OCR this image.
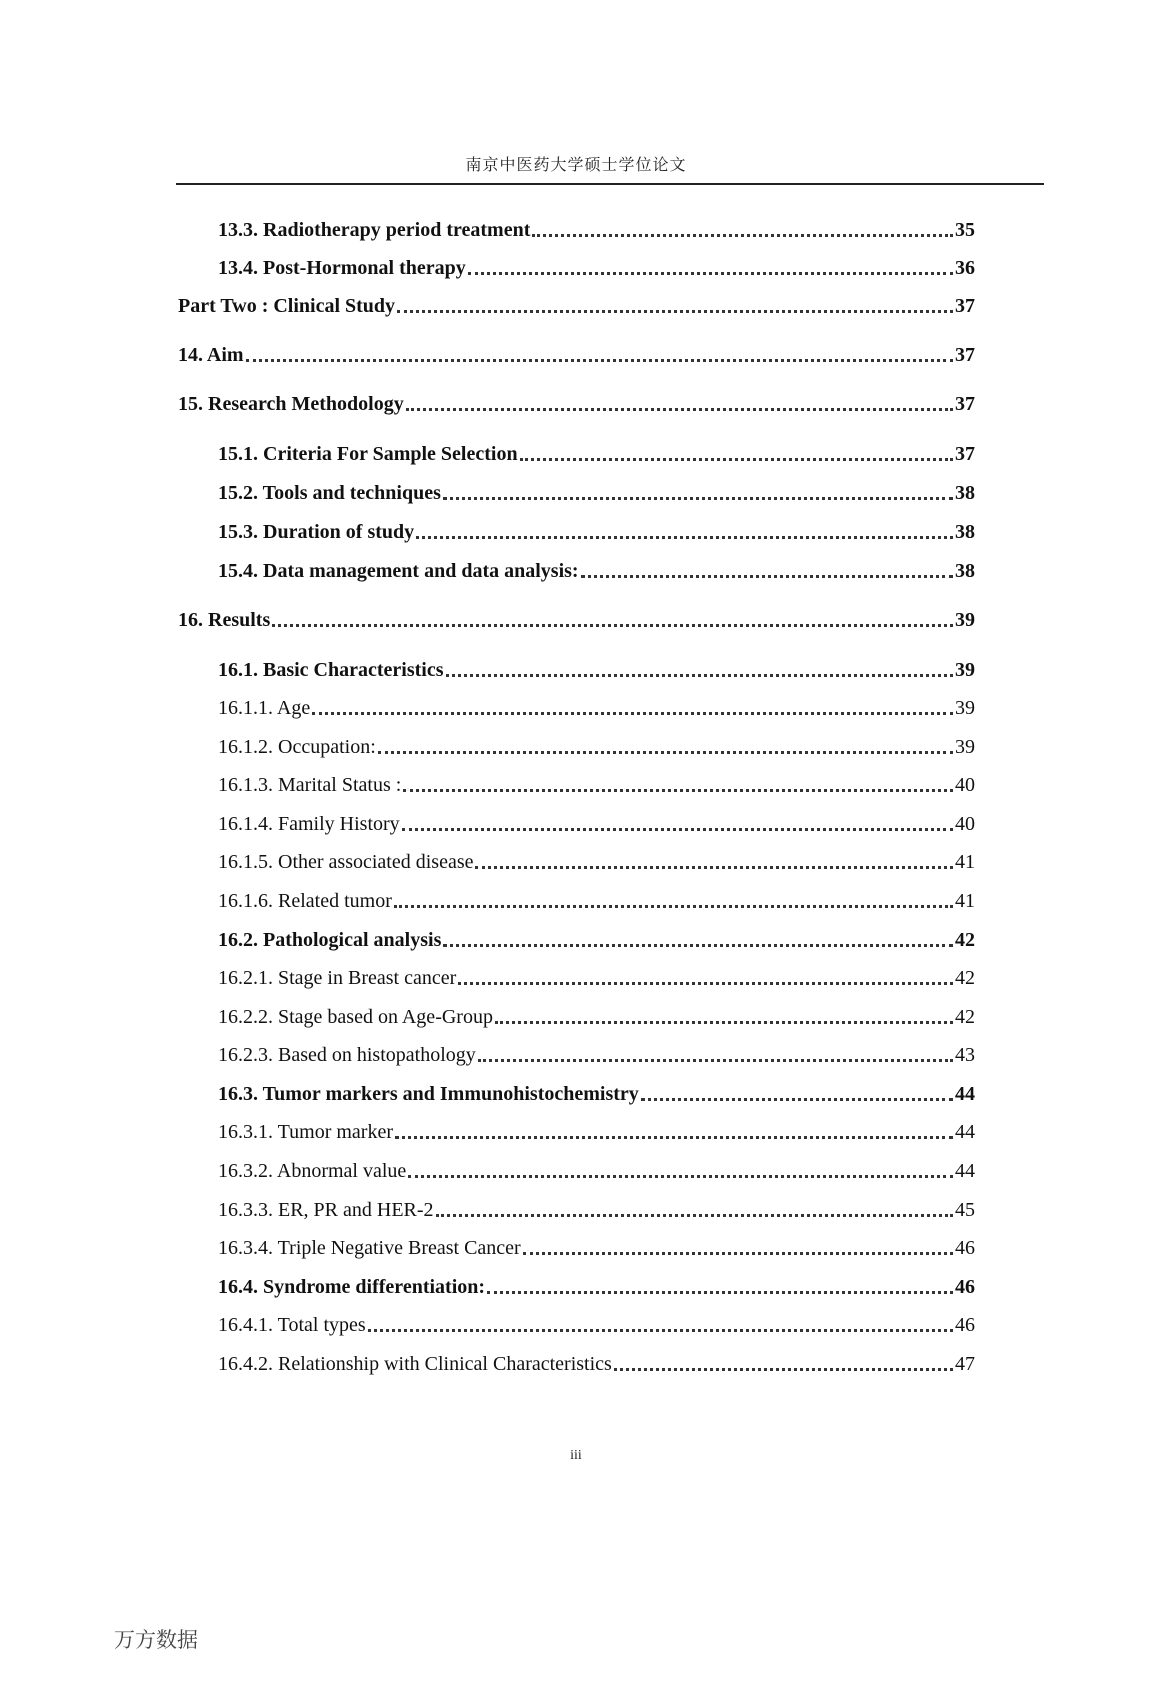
南京中医药大学硕士学位论文
13.3. Radiotherapy period treatment	35
13.4. Post-Hormonal therapy	36
Part Two : Clinical Study	37
14. Aim	37
15. Research Methodology	37
15.1. Criteria For Sample Selection	37
15.2. Tools and techniques	38
15.3. Duration of study	38
15.4. Data management and data analysis:	38
16. Results	39
16.1. Basic Characteristics	39
16.1.1. Age	39
16.1.2. Occupation:	39
16.1.3. Marital Status :	40
16.1.4. Family History	40
16.1.5. Other associated disease	41
16.1.6. Related tumor	41
16.2. Pathological analysis	42
16.2.1. Stage in Breast cancer	42
16.2.2. Stage based on Age-Group	42
16.2.3. Based on histopathology	43
16.3. Tumor markers and Immunohistochemistry	44
16.3.1. Tumor marker	44
16.3.2. Abnormal value	44
16.3.3. ER, PR and HER-2	45
16.3.4. Triple Negative Breast Cancer	46
16.4. Syndrome differentiation:	46
16.4.1. Total types	46
16.4.2. Relationship with Clinical Characteristics	47
iii
万方数据
